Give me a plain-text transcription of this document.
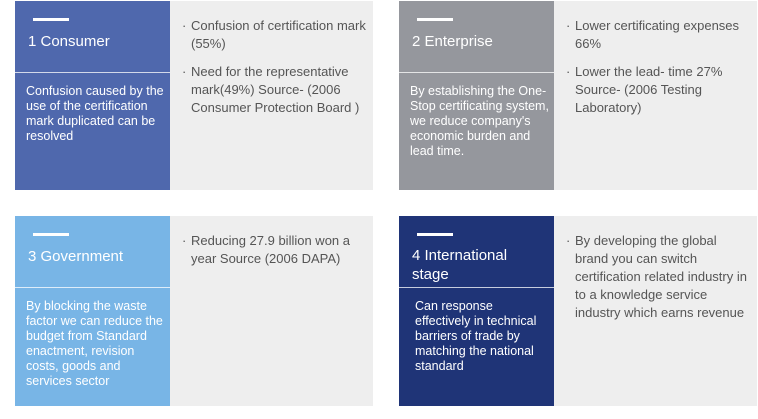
1 Consumer
Confusion caused by the use of the certification mark duplicated can be resolved
· Confusion of certification mark (55%)
· Need for the representative mark(49%) Source- (2006 Consumer Protection Board )
2 Enterprise
By establishing the One-Stop certificating system, we reduce company's economic burden and lead time.
· Lower certificating expenses 66%
· Lower the lead- time 27% Source- (2006 Testing Laboratory)
3 Government
By blocking the waste factor we can reduce the budget from Standard enactment, revision costs, goods and services sector
· Reducing 27.9 billion won a year Source (2006 DAPA)	4 International stage
Can response effectively in technical barriers of trade by matching the national standard
· By developing the global brand you can switch certification related industry in to a knowledge service industry which earns revenue
